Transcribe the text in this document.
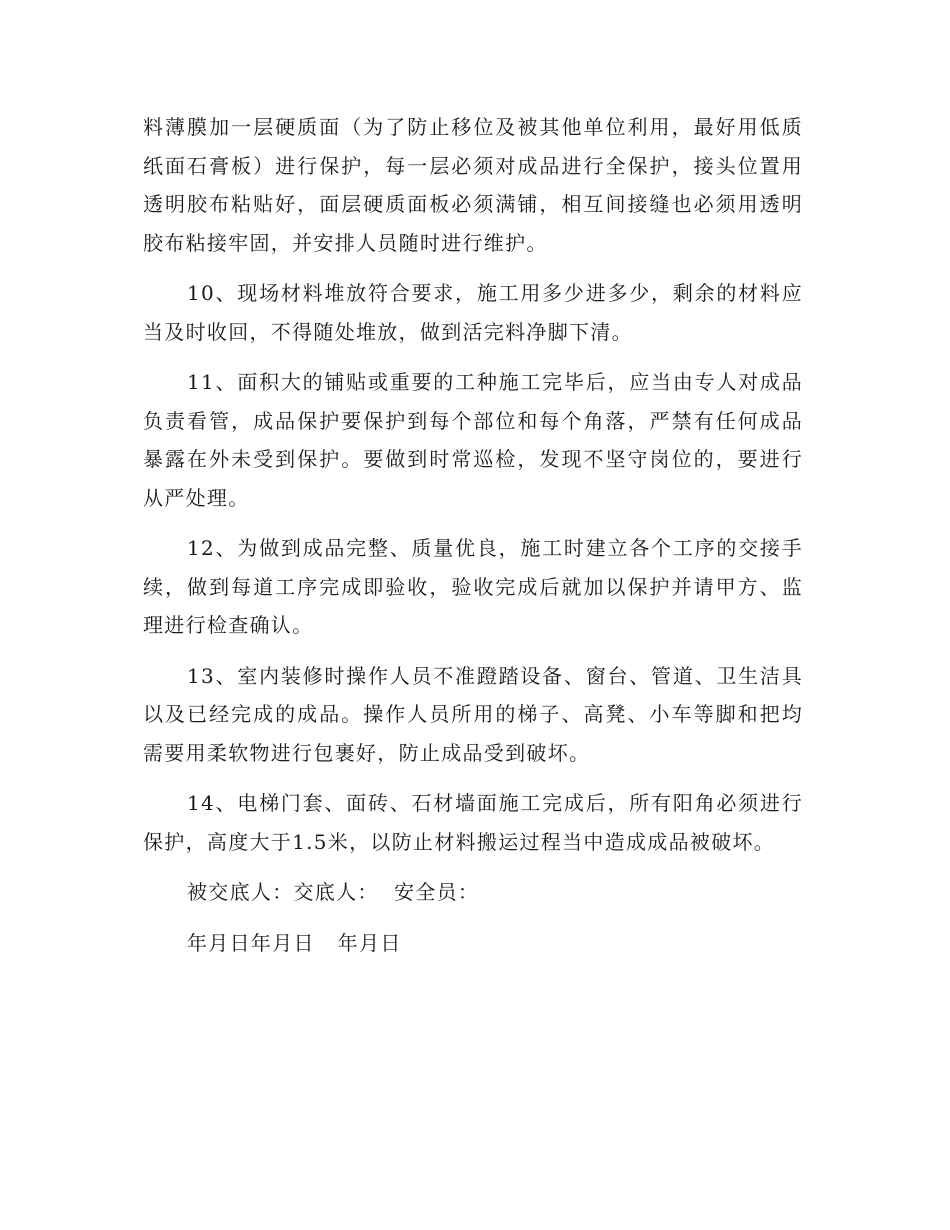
料薄膜加一层硬质面（为了防止移位及被其他单位利用，最好用低质纸面石膏板）进行保护，每一层必须对成品进行全保护，接头位置用透明胶布粘贴好，面层硬质面板必须满铺，相互间接缝也必须用透明胶布粘接牢固，并安排人员随时进行维护。

10、现场材料堆放符合要求，施工用多少进多少，剩余的材料应当及时收回，不得随处堆放，做到活完料净脚下清。

11、面积大的铺贴或重要的工种施工完毕后，应当由专人对成品负责看管，成品保护要保护到每个部位和每个角落，严禁有任何成品暴露在外未受到保护。要做到时常巡检，发现不坚守岗位的，要进行从严处理。

12、为做到成品完整、质量优良，施工时建立各个工序的交接手续，做到每道工序完成即验收，验收完成后就加以保护并请甲方、监理进行检查确认。

13、室内装修时操作人员不准蹬踏设备、窗台、管道、卫生洁具以及已经完成的成品。操作人员所用的梯子、高凳、小车等脚和把均需要用柔软物进行包裹好，防止成品受到破坏。

14、电梯门套、面砖、石材墙面施工完成后，所有阳角必须进行保护，高度大于1.5米，以防止材料搬运过程当中造成成品被破坏。

被交底人：交底人：  安全员：

年月日年月日   年月日
